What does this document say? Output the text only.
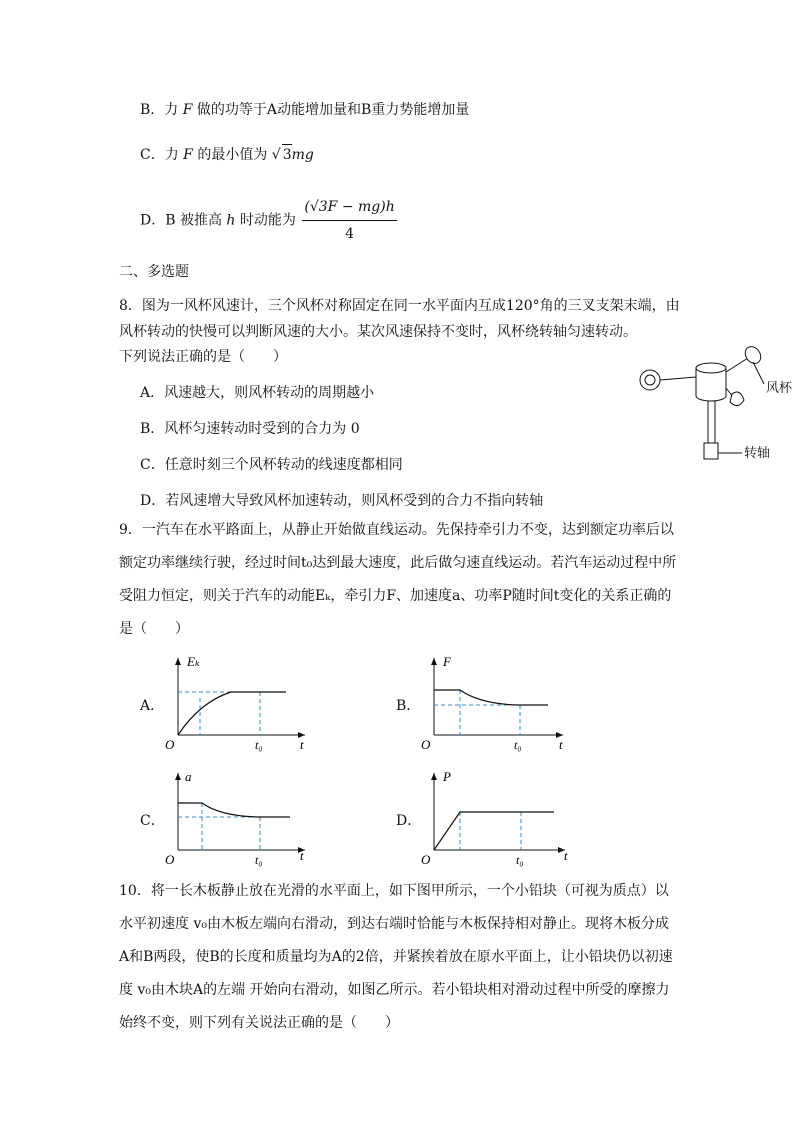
B．力 F 做的功等于A动能增加量和B重力势能增加量
C．力 F 的最小值为 √ 3mg
D．B 被推高 h 时动能为 $\frac{(√3F - mg)h}{4}$
二、多选题
8．图为一风杯风速计，三个风杯对称固定在同一水平面内互成120°角的三叉支架末端，由
风杯转动的快慢可以判断风速的大小。某次风速保持不变时，风杯绕转轴匀速转动。
下列说法正确的是（　　）
A．风速越大，则风杯转动的周期越小
B．风杯匀速转动时受到的合力为 0
C．任意时刻三个风杯转动的线速度都相同
D．若风速增大导致风杯加速转动，则风杯受到的合力不指向转轴
风杯
转轴
9．一汽车在水平路面上，从静止开始做直线运动。先保持牵引力不变，达到额定功率后以额定功率继续行驶，经过时间t₀达到最大速度，此后做匀速直线运动。若汽车运动过程中所受阻力恒定，则关于汽车的动能Eₖ，牵引力F、加速度a、功率P随时间t变化的关系正确的是（　　）
A．
Eₖ
O	t₀	t
B．
F
O	t₀	t
C．
a
O	t₀	t
D．
P
O	t₀	t
10．将一长木板静止放在光滑的水平面上，如下图甲所示，一个小铅块（可视为质点）以水平初速度 v₀由木板左端向右滑动，到达右端时恰能与木板保持相对静止。现将木板分成A和B两段，使B的长度和质量均为A的2倍，并紧挨着放在原水平面上，让小铅块仍以初速度 v₀由木块A的左端 开始向右滑动，如图乙所示。若小铅块相对滑动过程中所受的摩擦力始终不变，则下列有关说法正确的是（　　）
